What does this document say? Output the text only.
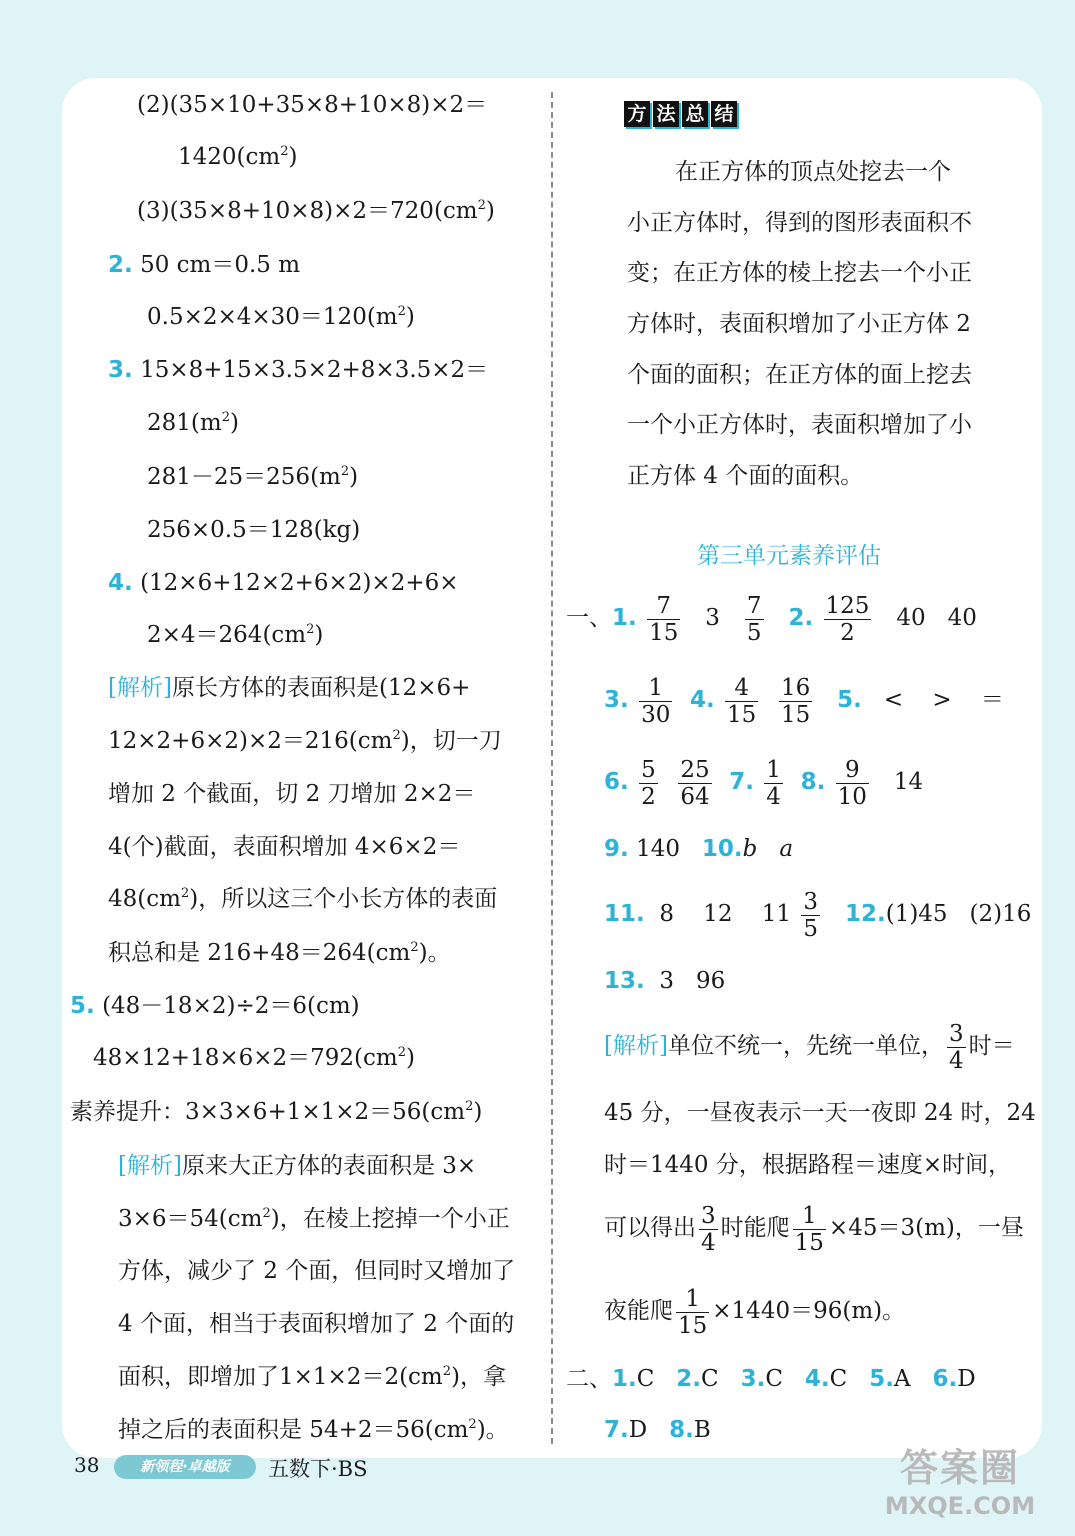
(2)(35×10+35×8+10×8)×2＝
$1420(cm^2)$
$(3)(35\times 8+10\times 8)\times 2=720(cm^2)$
2. 50 cm＝0.5 m
$0.5\times 2\times 4\times 30=120(m^2)$
3. 15×8+15×3.5×2+8×3.5×2＝
$281(m^2)$
$281-25=256(m^2)$
256×0.5＝128(kg)
4. (12×6+12×2+6×2)×2+6×
$2\times 4=264(cm^2)$
[解析]原长方体的表面积是(12×6+
$12\times 2+6\times 2)\times 2=216(cm^2)$，切一刀
增加 2 个截面，切 2 刀增加 2×2＝
4(个)截面，表面积增加 4×6×2＝
$48(cm^2)$，所以这三个小长方体的表面
积总和是 $216+48=264(cm^2)$。
5. (48－18×2)÷2＝6(cm)
$48\times 12+18\times 6\times 2=792(cm^2)$
素养提升：$3\times 3\times 6+1\times 1\times 2=56(cm^2)$
[解析]原来大正方体的表面积是 3×
$3\times 6=54(cm^2)$，在棱上挖掉一个小正
方体，减少了 2 个面，但同时又增加了
4 个面，相当于表面积增加了 2 个面的
面积，即增加了$1\times 1\times 2=2(cm^2)$，拿
掉之后的表面积是 $54+2=56(cm^2)$。
方 法 总 结
在正方体的顶点处挖去一个
小正方体时，得到的图形表面积不
变；在正方体的棱上挖去一个小正
方体时，表面积增加了小正方体 2
个面的面积；在正方体的面上挖去
一个小正方体时，表面积增加了小
正方体 4 个面的面积。
第三单元素养评估
一、1. $\frac{7}{15} 3 \frac{7}{5} 2$. $\frac{125}{2} 40$ 40
3. $\frac{1}{30} 4$. $\frac{4}{15}$
$\frac{16}{15} 5$. < > ＝
6. $\frac{5}{2}$
$\frac{25}{64} 7$. $\frac{1}{4} 8$. $\frac{9}{10} 14$
9. 140 10.b a
11. 8 12 $11 \frac{3}{5} 12.(1)45$ (2)16
13. 3 96
[解析]单位不统一，先统一单位， $\frac{3}{4}$ 时＝
45 分，一昼夜表示一天一夜即 24 时，24
时＝1440 分，根据路程＝速度×时间，
可以得出 $\frac{3}{4}$ 时能爬 $\frac{1}{15} \times 45=3(m)$，一昼
夜能爬 $\frac{1}{15} \times 1440=96(m)$。
二、1.C 2.C 3.C 4.C 5.A 6.D
7.D 8.B
38	新领程·卓越版	五数下·BS	答案圈
MXQE.COM
